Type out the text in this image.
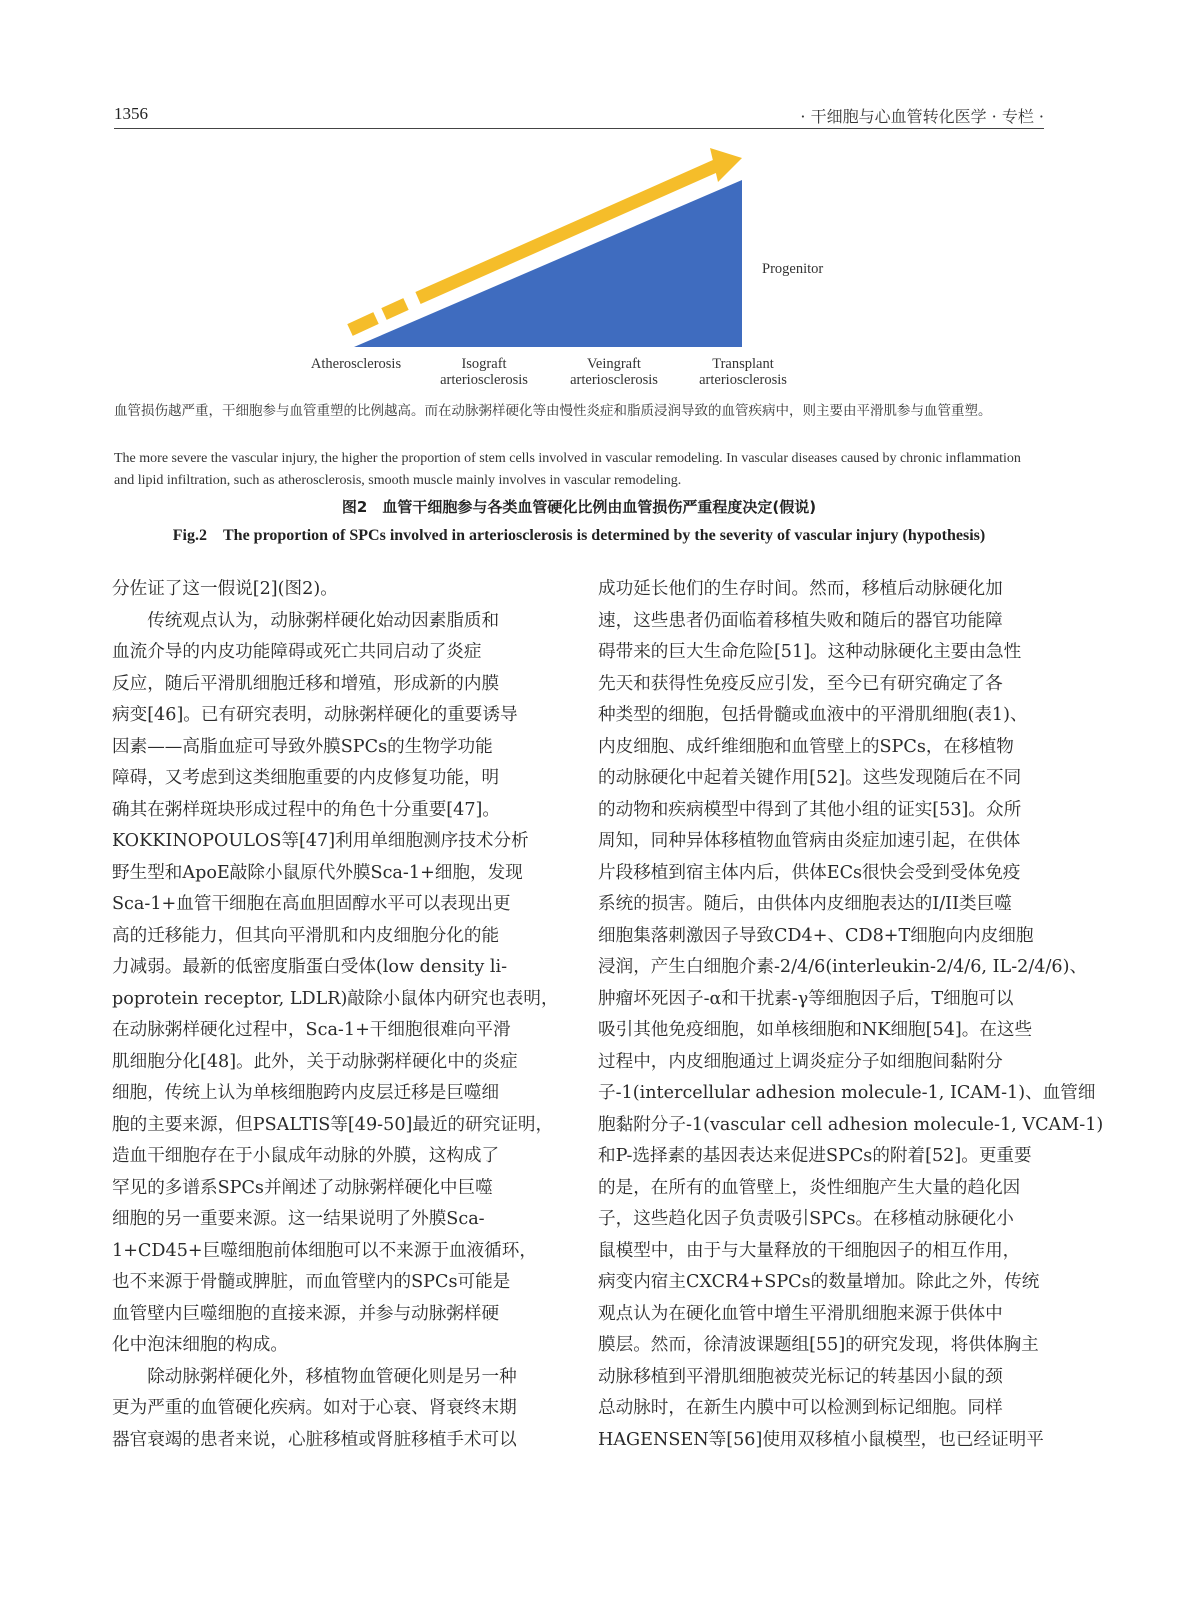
1356	· 干细胞与心血管转化医学 · 专栏 ·
Progenitor
Atherosclerosis	Isograft
arteriosclerosis
Veingraft
arteriosclerosis
Transplant
arteriosclerosis
血管损伤越严重，干细胞参与血管重塑的比例越高。而在动脉粥样硬化等由慢性炎症和脂质浸润导致的血管疾病中，则主要由平滑肌参与血管重塑。
The more severe the vascular injury, the higher the proportion of stem cells involved in vascular remodeling. In vascular diseases caused by chronic inflammation and lipid infiltration, such as atherosclerosis, smooth muscle mainly involves in vascular remodeling.
图2　血管干细胞参与各类血管硬化比例由血管损伤严重程度决定(假说)
Fig.2　The proportion of SPCs involved in arteriosclerosis is determined by the severity of vascular injury (hypothesis)
分佐证了这一假说[2](图2)。
　　传统观点认为，动脉粥样硬化始动因素脂质和
血流介导的内皮功能障碍或死亡共同启动了炎症
反应，随后平滑肌细胞迁移和增殖，形成新的内膜
病变[46]。已有研究表明，动脉粥样硬化的重要诱导
因素——高脂血症可导致外膜SPCs的生物学功能
障碍，又考虑到这类细胞重要的内皮修复功能，明
确其在粥样斑块形成过程中的角色十分重要[47]。
KOKKINOPOULOS等[47]利用单细胞测序技术分析
野生型和ApoE敲除小鼠原代外膜Sca-1+细胞，发现
Sca-1+血管干细胞在高血胆固醇水平可以表现出更
高的迁移能力，但其向平滑肌和内皮细胞分化的能
力减弱。最新的低密度脂蛋白受体(low density li-
poprotein receptor, LDLR)敲除小鼠体内研究也表明，
在动脉粥样硬化过程中，Sca-1+干细胞很难向平滑
肌细胞分化[48]。此外，关于动脉粥样硬化中的炎症
细胞，传统上认为单核细胞跨内皮层迁移是巨噬细
胞的主要来源，但PSALTIS等[49-50]最近的研究证明，
造血干细胞存在于小鼠成年动脉的外膜，这构成了
罕见的多谱系SPCs并阐述了动脉粥样硬化中巨噬
细胞的另一重要来源。这一结果说明了外膜Sca-
1+CD45+巨噬细胞前体细胞可以不来源于血液循环，
也不来源于骨髓或脾脏，而血管壁内的SPCs可能是
血管壁内巨噬细胞的直接来源，并参与动脉粥样硬
化中泡沫细胞的构成。
　　除动脉粥样硬化外，移植物血管硬化则是另一种
更为严重的血管硬化疾病。如对于心衰、肾衰终末期
器官衰竭的患者来说，心脏移植或肾脏移植手术可以
成功延长他们的生存时间。然而，移植后动脉硬化加
速，这些患者仍面临着移植失败和随后的器官功能障
碍带来的巨大生命危险[51]。这种动脉硬化主要由急性
先天和获得性免疫反应引发，至今已有研究确定了各
种类型的细胞，包括骨髓或血液中的平滑肌细胞(表1)、
内皮细胞、成纤维细胞和血管壁上的SPCs，在移植物
的动脉硬化中起着关键作用[52]。这些发现随后在不同
的动物和疾病模型中得到了其他小组的证实[53]。众所
周知，同种异体移植物血管病由炎症加速引起，在供体
片段移植到宿主体内后，供体ECs很快会受到受体免疫
系统的损害。随后，由供体内皮细胞表达的I/II类巨噬
细胞集落刺激因子导致CD4+、CD8+T细胞向内皮细胞
浸润，产生白细胞介素-2/4/6(interleukin-2/4/6, IL-2/4/6)、
肿瘤坏死因子-α和干扰素-γ等细胞因子后，T细胞可以
吸引其他免疫细胞，如单核细胞和NK细胞[54]。在这些
过程中，内皮细胞通过上调炎症分子如细胞间黏附分
子-1(intercellular adhesion molecule-1, ICAM-1)、血管细
胞黏附分子-1(vascular cell adhesion molecule-1, VCAM-1)
和P-选择素的基因表达来促进SPCs的附着[52]。更重要
的是，在所有的血管壁上，炎性细胞产生大量的趋化因
子，这些趋化因子负责吸引SPCs。在移植动脉硬化小
鼠模型中，由于与大量释放的干细胞因子的相互作用，
病变内宿主CXCR4+SPCs的数量增加。除此之外，传统
观点认为在硬化血管中增生平滑肌细胞来源于供体中
膜层。然而，徐清波课题组[55]的研究发现，将供体胸主
动脉移植到平滑肌细胞被荧光标记的转基因小鼠的颈
总动脉时，在新生内膜中可以检测到标记细胞。同样
HAGENSEN等[56]使用双移植小鼠模型，也已经证明平
